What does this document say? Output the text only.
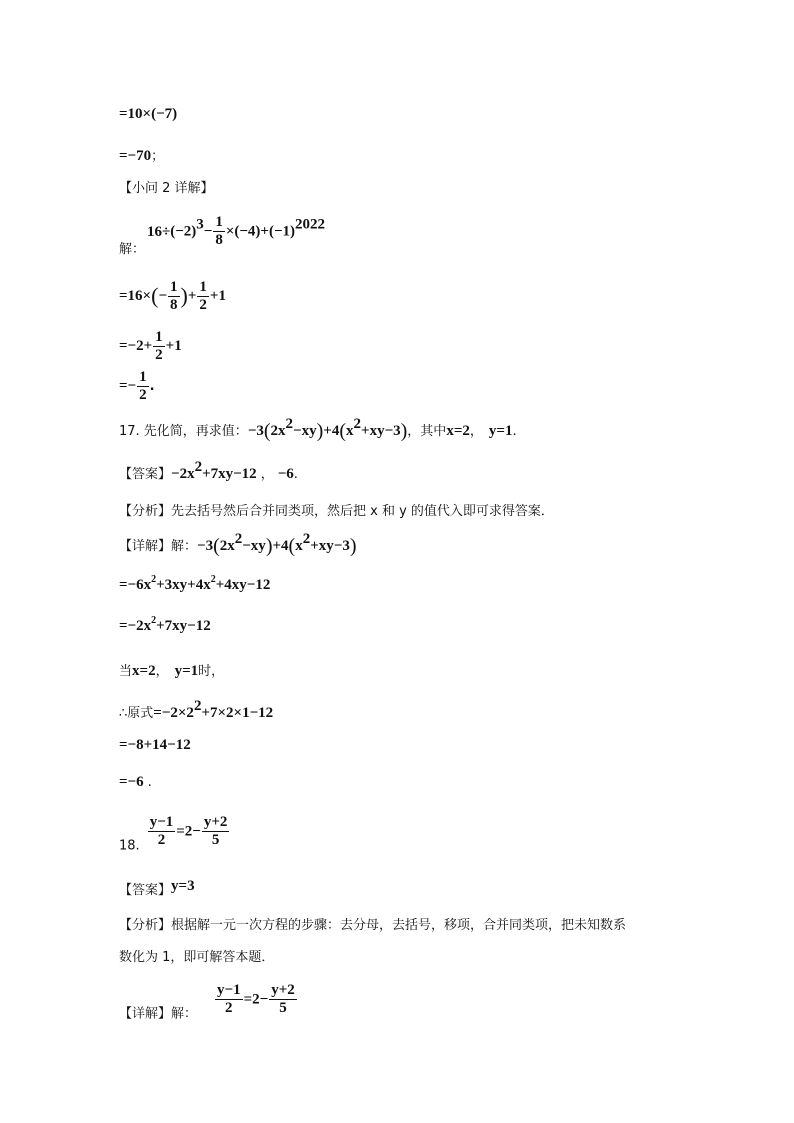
=10×(−7)
=−70；
【小问 2 详解】
$16\div(-2)^3- \frac{1}{8} \times(-4)+(-1)^{2022}$
解：
$=16\times(- \frac{1}{8}$ )+ $\frac{1}{2} +1$
$=-2+ \frac{1}{2} +1$
=− $\frac{1}{2}$ .
17. 先化简，再求值：$-3(2x^2-xy)+4(x^2+xy-3)$，其中x=2， y=1.
【答案】$-2x^2+7xy-12$ ， −6.
【分析】先去括号然后合并同类项，然后把 x 和 y 的值代入即可求得答案．
【详解】解：$-3(2x^2-xy)+4(x^2+xy-3)$
$=-6x^2+3xy+4x^2+4xy-12$
$=-2x^2+7xy-12$
当x=2， y=1时，
∴原式$=-2\times 2^2+7\times 2\times 1-12$
=−8+14−12
=−6 .
18. $\frac{y-1}{2} =2- \frac{y+2}{5}$
【答案】y=3
【分析】根据解一元一次方程的步骤：去分母，去括号，移项，合并同类项，把未知数系
数化为 1，即可解答本题．
【详解】解： $\frac{y-1}{2} =2- \frac{y+2}{5}$
